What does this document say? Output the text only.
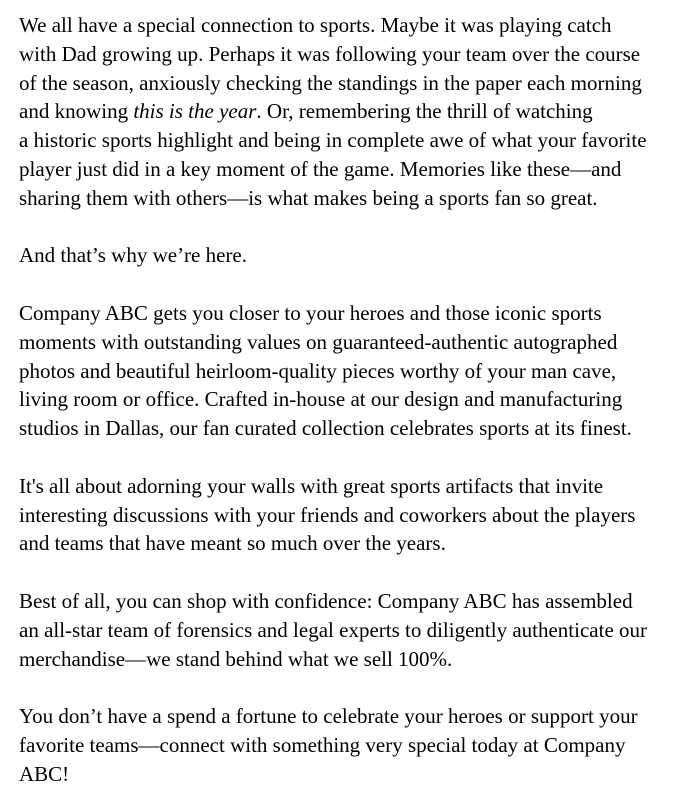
We all have a special connection to sports. Maybe it was playing catch
with Dad growing up. Perhaps it was following your team over the course
of the season, anxiously checking the standings in the paper each morning
and knowing this is the year. Or, remembering the thrill of watching
a historic sports highlight and being in complete awe of what your favorite
player just did in a key moment of the game. Memories like these—and
sharing them with others—is what makes being a sports fan so great.

And that’s why we’re here.

Company ABC gets you closer to your heroes and those iconic sports
moments with outstanding values on guaranteed-authentic autographed
photos and beautiful heirloom-quality pieces worthy of your man cave,
living room or office. Crafted in-house at our design and manufacturing
studios in Dallas, our fan curated collection celebrates sports at its finest.

It's all about adorning your walls with great sports artifacts that invite
interesting discussions with your friends and coworkers about the players
and teams that have meant so much over the years.

Best of all, you can shop with confidence: Company ABC has assembled
an all-star team of forensics and legal experts to diligently authenticate our
merchandise—we stand behind what we sell 100%.

You don’t have a spend a fortune to celebrate your heroes or support your
favorite teams—connect with something very special today at Company
ABC!
